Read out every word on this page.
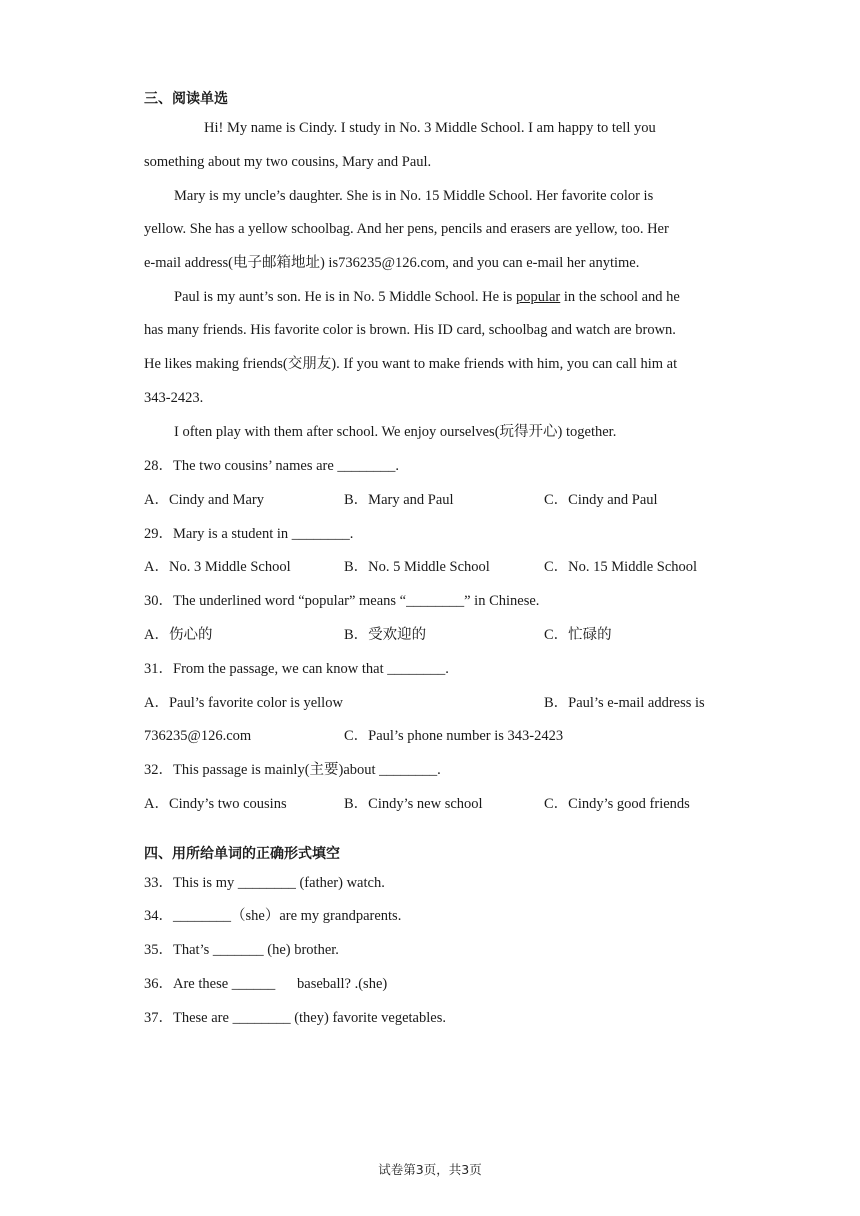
三、阅读单选
Hi! My name is Cindy. I study in No. 3 Middle School. I am happy to tell you
something about my two cousins, Mary and Paul.
Mary is my uncle’s daughter. She is in No. 15 Middle School. Her favorite color is
yellow. She has a yellow schoolbag. And her pens, pencils and erasers are yellow, too. Her
e-mail address(电子邮箱地址) is736235@126.com, and you can e-mail her anytime.
Paul is my aunt’s son. He is in No. 5 Middle School. He is popular in the school and he
has many friends. His favorite color is brown. His ID card, schoolbag and watch are brown.
He likes making friends(交朋友). If you want to make friends with him, you can call him at
343-2423.
I often play with them after school. We enjoy ourselves(玩得开心) together.
28．The two cousins’ names are ________.
A．Cindy and Mary	B．Mary and Paul	C．Cindy and Paul
29．Mary is a student in ________.
A．No. 3 Middle School	B．No. 5 Middle School	C．No. 15 Middle School
30．The underlined word “popular” means “________” in Chinese.
A．伤心的	B．受欢迎的	C．忙碌的
31．From the passage, we can know that ________.
A．Paul’s favorite color is yellow	B．Paul’s e-mail address is
736235@126.com	C．Paul’s phone number is 343-2423
32．This passage is mainly(主要)about ________.
A．Cindy’s two cousins	B．Cindy’s new school	C．Cindy’s good friends
四、用所给单词的正确形式填空
33．This is my ________ (father) watch.
34．________（she）are my grandparents.
35．That’s _______ (he) brother.
36．Are these ______      baseball? .(she)
37．These are ________ (they) favorite vegetables.
试卷第3页，共3页
